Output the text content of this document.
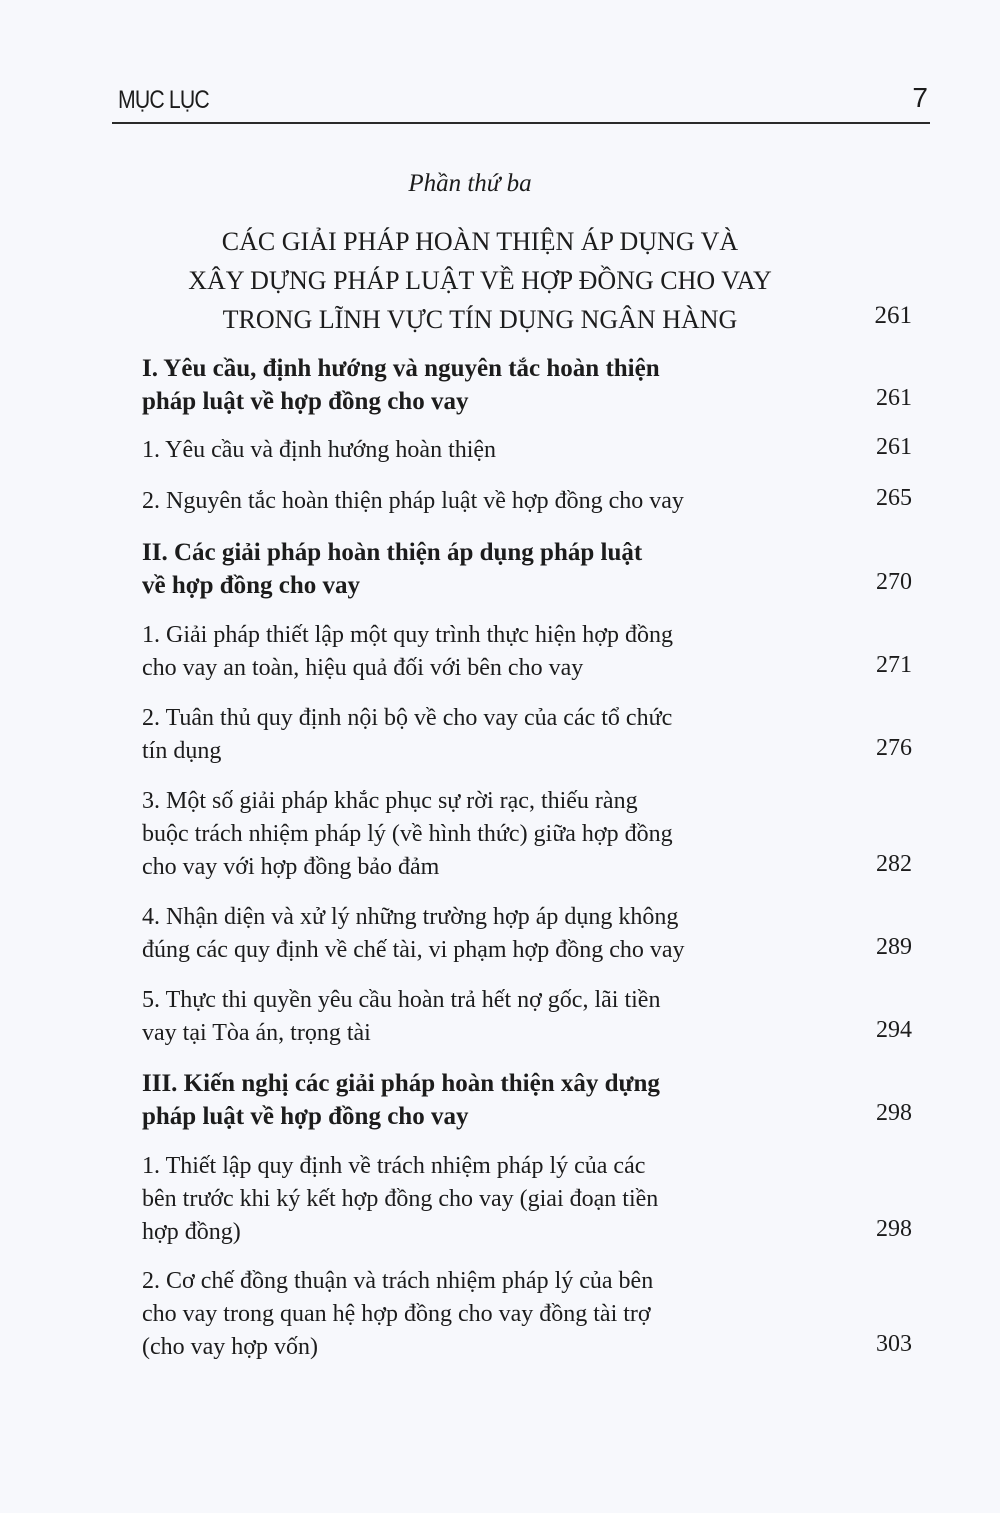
MỤC LỤC	7
Phần thứ ba
CÁC GIẢI PHÁP HOÀN THIỆN ÁP DỤNG VÀ
XÂY DỰNG PHÁP LUẬT VỀ HỢP ĐỒNG CHO VAY
TRONG LĨNH VỰC TÍN DỤNG NGÂN HÀNG	261
I. Yêu cầu, định hướng và nguyên tắc hoàn thiện
pháp luật về hợp đồng cho vay	261
1. Yêu cầu và định hướng hoàn thiện	261
2. Nguyên tắc hoàn thiện pháp luật về hợp đồng cho vay	265
II. Các giải pháp hoàn thiện áp dụng pháp luật
về hợp đồng cho vay	270
1. Giải pháp thiết lập một quy trình thực hiện hợp đồng
cho vay an toàn, hiệu quả đối với bên cho vay	271
2. Tuân thủ quy định nội bộ về cho vay của các tổ chức
tín dụng	276
3. Một số giải pháp khắc phục sự rời rạc, thiếu ràng
buộc trách nhiệm pháp lý (về hình thức) giữa hợp đồng
cho vay với hợp đồng bảo đảm	282
4. Nhận diện và xử lý những trường hợp áp dụng không
đúng các quy định về chế tài, vi phạm hợp đồng cho vay	289
5. Thực thi quyền yêu cầu hoàn trả hết nợ gốc, lãi tiền
vay tại Tòa án, trọng tài	294
III. Kiến nghị các giải pháp hoàn thiện xây dựng
pháp luật về hợp đồng cho vay	298
1. Thiết lập quy định về trách nhiệm pháp lý của các
bên trước khi ký kết hợp đồng cho vay (giai đoạn tiền
hợp đồng)	298
2. Cơ chế đồng thuận và trách nhiệm pháp lý của bên
cho vay trong quan hệ hợp đồng cho vay đồng tài trợ
(cho vay hợp vốn)	303
